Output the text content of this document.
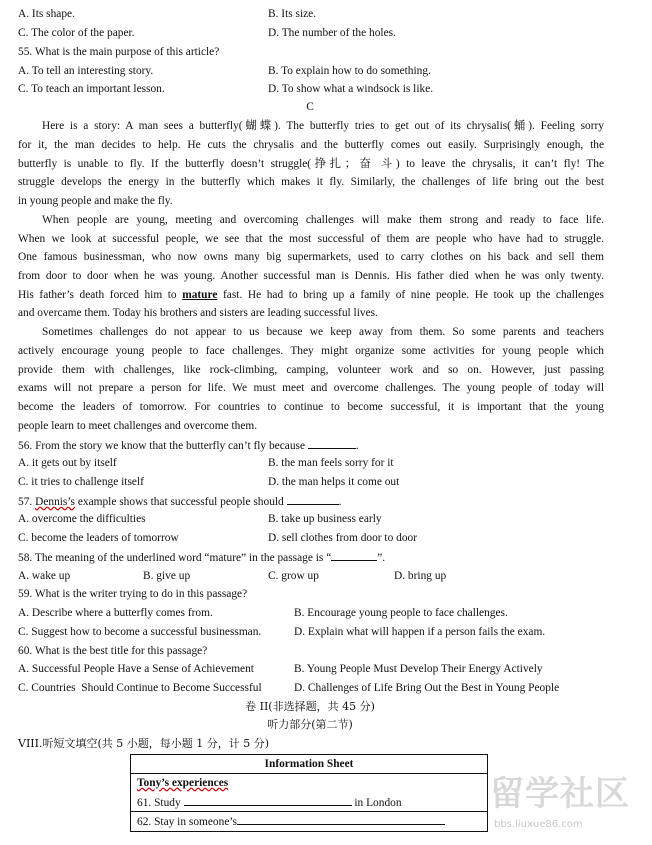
A. Its shape.	B. Its size.
C. The color of the paper.	D. The number of the holes.
55. What is the main purpose of this article?
A. To tell an interesting story.	B. To explain how to do something.
C. To teach an important lesson.	D. To show what a windsock is like.
C
Here is a story: A man sees a butterfly(蝴蝶). The butterfly tries to get out of its chrysalis(蛹). Feeling sorry
for it, the man decides to help. He cuts the chrysalis and the butterfly comes out easily. Surprisingly enough, the
butterfly is unable to fly. If the butterfly doesn’t struggle(挣扎；奋 斗) to leave the chrysalis, it can’t fly! The
struggle develops the energy in the butterfly which makes it fly. Similarly, the challenges of life bring out the best
in young people and make the fly.
When people are young, meeting and overcoming challenges will make them strong and ready to face life.
When we look at successful people, we see that the most successful of them are people who have had to struggle.
One famous businessman, who now owns many big supermarkets, used to carry clothes on his back and sell them
from door to door when he was young. Another successful man is Dennis. His father died when he was only twenty.
His father’s death forced him to mature fast. He had to bring up a family of nine people. He took up the challenges
and overcame them. Today his brothers and sisters are leading successful lives.
Sometimes challenges do not appear to us because we keep away from them. So some parents and teachers
actively encourage young people to face challenges. They might organize some activities for young people which
provide them with challenges, like rock-climbing, camping, volunteer work and so on. However, just passing
exams will not prepare a person for life. We must meet and overcome challenges. The young people of today will
become the leaders of tomorrow. For countries to continue to become successful, it is important that the young
people learn to meet challenges and overcome them.
56. From the story we know that the butterfly can’t fly because	.
A. it gets out by itself	B. the man feels sorry for it
C. it tries to challenge itself	D. the man helps it come out
57. Dennis’s example shows that successful people should	.
A. overcome the difficulties	B. take up business early
C. become the leaders of tomorrow	D. sell clothes from door to door
58. The meaning of the underlined word “mature” in the passage is “	”.
A. wake up	B. give up	C. grow up	D. bring up
59. What is the writer trying to do in this passage?
A. Describe where a butterfly comes from.	B. Encourage young people to face challenges.
C. Suggest how to become a successful businessman.	D. Explain what will happen if a person fails the exam.
60. What is the best title for this passage?
A. Successful People Have a Sense of Achievement	B. Young People Must Develop Their Energy Actively
C. Countries  Should Continue to Become Successful	D. Challenges of Life Bring Out the Best in Young People
卷 II(非选择题，共 45 分)
听力部分(第二节)
VIII.听短文填空(共 5 小题，每小题 1 分，计 5 分)
Information Sheet
Tony’s experiences
61. Study	in London
62. Stay in someone’s
留学社区
bbs.liuxue86.com
